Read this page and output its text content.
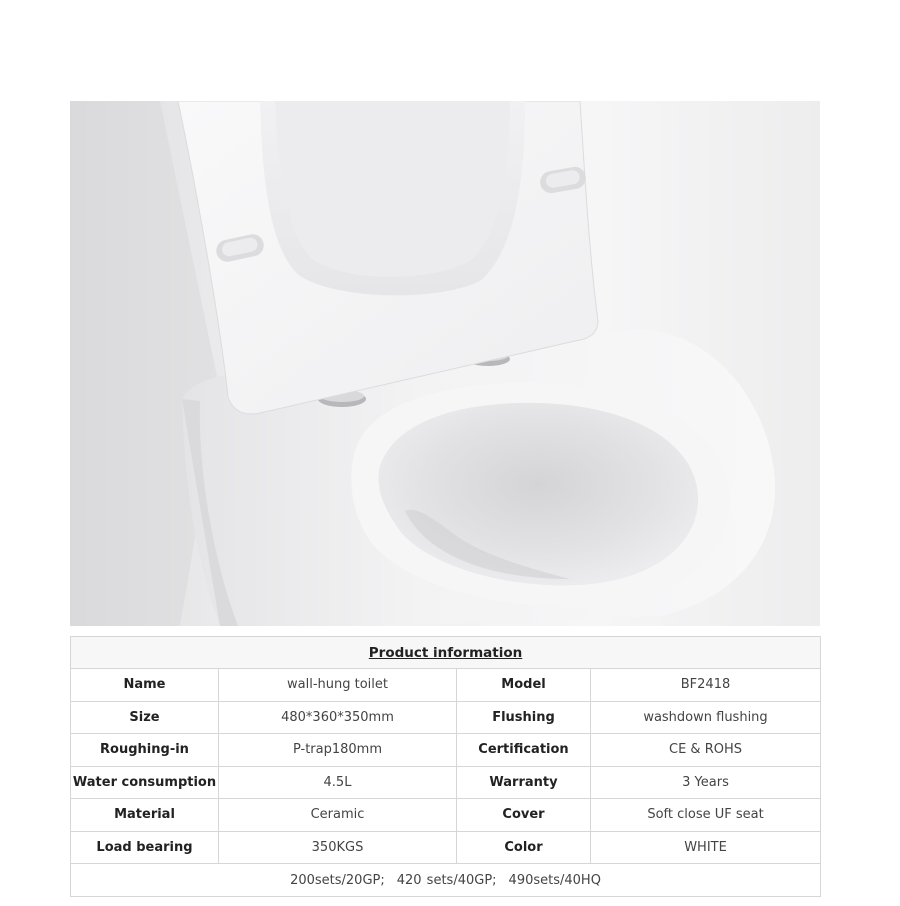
Product information			
Name	wall-hung toilet	Model	BF2418
Size	480*360*350mm	Flushing	washdown flushing
Roughing-in	P-trap180mm	Certification	CE & ROHS
Water consumption	4.5L	Warranty	3 Years
Material	Ceramic	Cover	Soft close UF seat
Load bearing	350KGS	Color	WHITE
200sets/20GP; 420 sets/40GP; 490sets/40HQ			
